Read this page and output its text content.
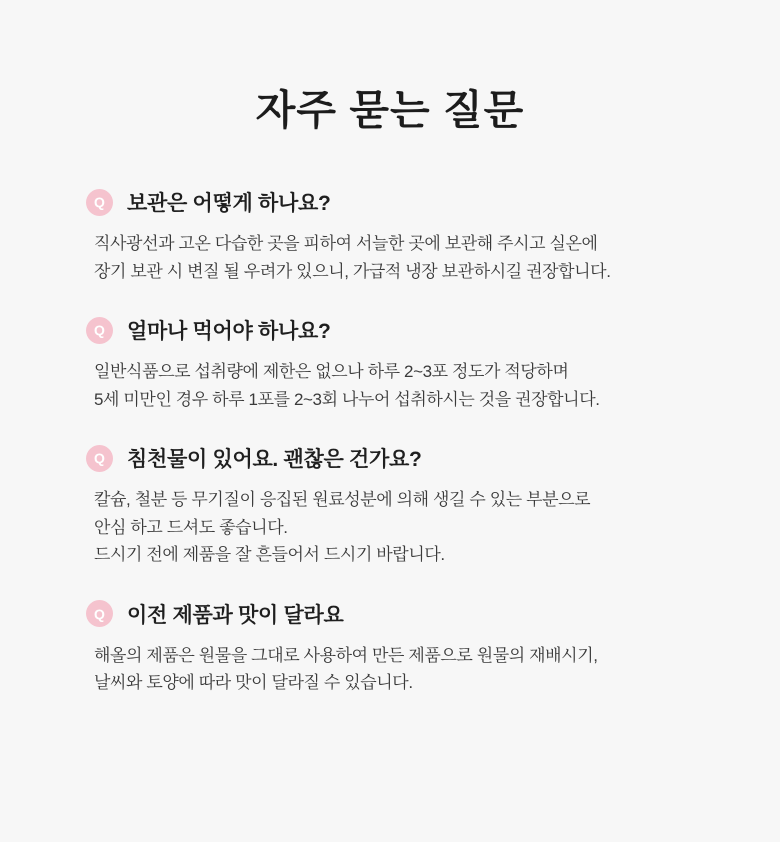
자주 묻는 질문
Q	보관은 어떻게 하나요?
직사광선과 고온 다습한 곳을 피하여 서늘한 곳에 보관해 주시고 실온에
장기 보관 시 변질 될 우려가 있으니, 가급적 냉장 보관하시길 권장합니다.
Q	얼마나 먹어야 하나요?
일반식품으로 섭취량에 제한은 없으나 하루 2~3포 정도가 적당하며
5세 미만인 경우 하루 1포를 2~3회 나누어 섭취하시는 것을 권장합니다.
Q	침천물이 있어요. 괜찮은 건가요?
칼슘, 철분 등 무기질이 응집된 원료성분에 의해 생길 수 있는 부분으로
안심 하고 드셔도 좋습니다.
드시기 전에 제품을 잘 흔들어서 드시기 바랍니다.
Q	이전 제품과 맛이 달라요
해올의 제품은 원물을 그대로 사용하여 만든 제품으로 원물의 재배시기,
날씨와 토양에 따라 맛이 달라질 수 있습니다.
